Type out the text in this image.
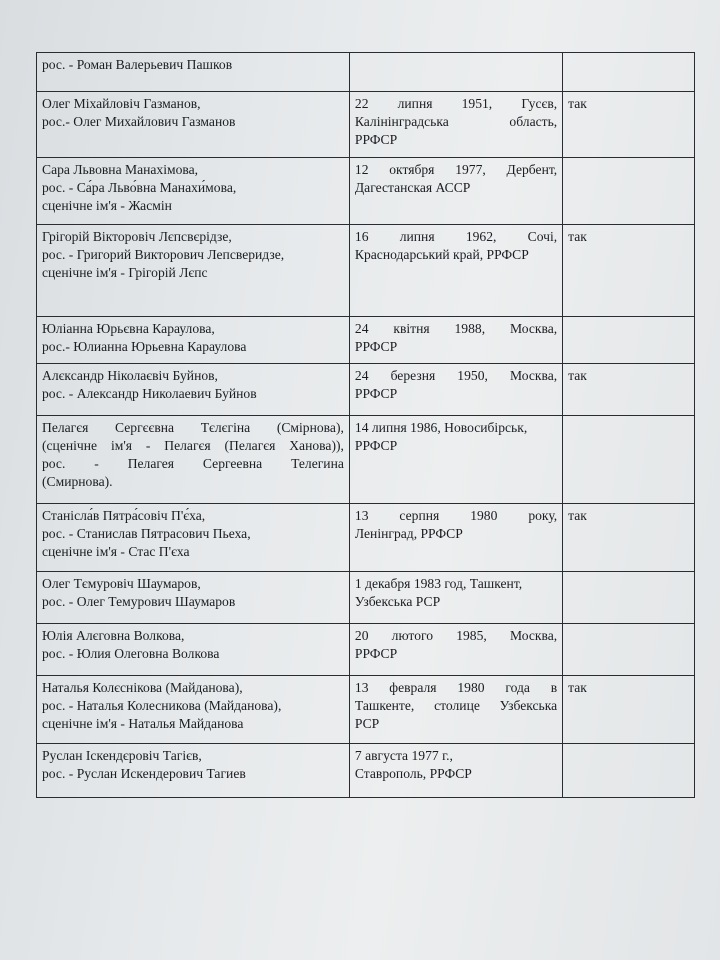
рос. - Роман Валерьевич Пашков		

Олег Міхайловіч Газманов,
рос.- Олег Михайлович Газманов	22 липня 1951, Гусєв,
Калінінградська область,
РРФСР	так

Сара Львовна Манахімова,
рос. - Са́ра Льво́вна Манахи́мова,
сценічне ім'я - Жасмін	12 октября 1977, Дербент,
Дагестанская АССР	

Грігорій Вікторовіч Лєпсвєрідзе,
рос. - Григорий Викторович Лепсверидзе,
сценічне ім'я - Грігорій Лєпс	16 липня 1962, Сочі,
Краснодарський край, РРФСР	так

Юліанна Юрьєвна Караулова,
рос.- Юлианна Юрьевна Караулова	24 квітня 1988, Москва,
РРФСР	

Алєксандр Ніколаєвіч Буйнов,
рос. - Александр Николаевич Буйнов	24 березня 1950, Москва,
РРФСР	так

Пелагєя Сергєєвна Тєлєгіна (Смірнова),
(сценічне ім'я - Пелагєя (Пелагєя Ханова)),
рос. - Пелагея Сергеевна Телегина
(Смирнова).	14 липня 1986, Новосибірськ,
РРФСР	

Станісла́в Пятра́совіч П'є́ха,
рос. - Станислав Пятрасович Пьеха,
сценічне ім'я - Стас П'єха	13 серпня 1980 року,
Ленінград, РРФСР	так

Олег Тємуровіч Шаумаров,
рос. - Олег Темурович Шаумаров	1 декабря 1983 год, Ташкент,
Узбекська РСР	

Юлія Алєговна Волкова,
рос. - Юлия Олеговна Волкова	20 лютого 1985, Москва,
РРФСР	

Наталья Колєснікова (Майданова),
рос. - Наталья Колесникова (Майданова),
сценічне ім'я - Наталья Майданова	13 февраля 1980 года в
Ташкенте, столице Узбекська
РСР	так

Руслан Іскендєровіч Тагієв,
рос. - Руслан Искендерович Тагиев	7 августа 1977 г.,
Ставрополь, РРФСР	
